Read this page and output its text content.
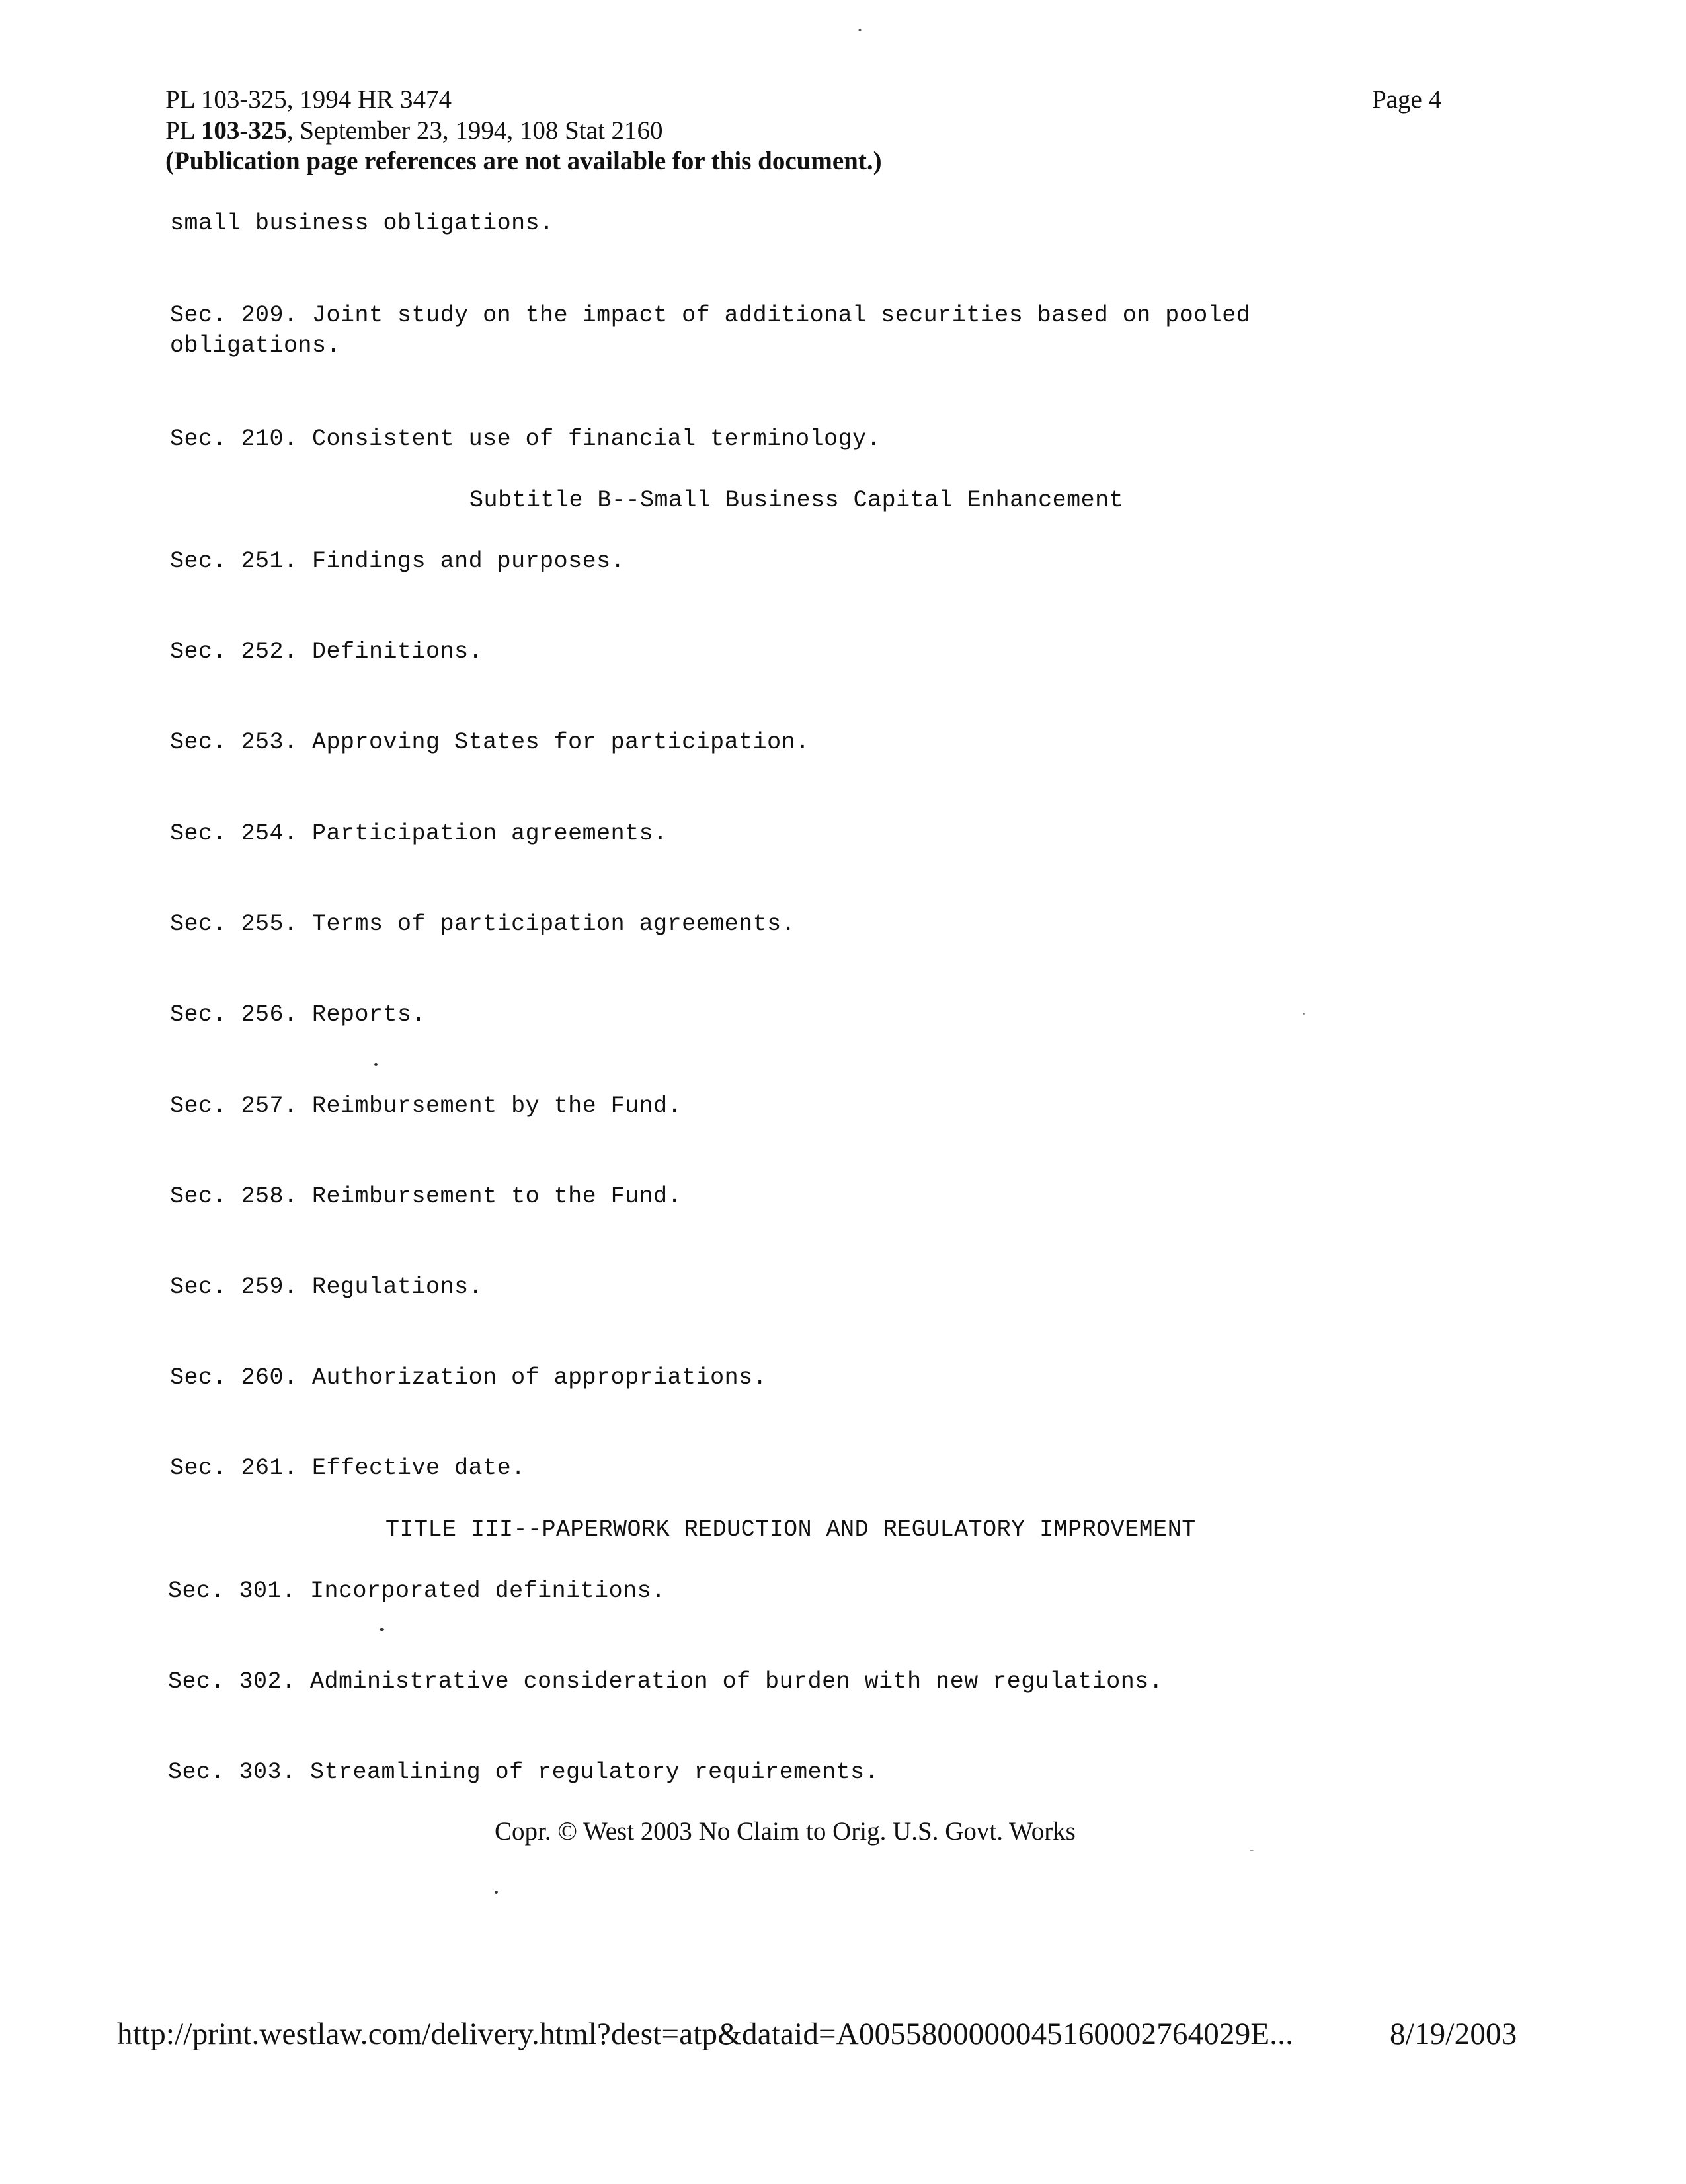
PL 103-325, 1994 HR 3474
PL 103-325, September 23, 1994, 108 Stat 2160
(Publication page references are not available for this document.)
Page 4
small business obligations.
Sec. 209. Joint study on the impact of additional securities based on pooled
obligations.
Sec. 210. Consistent use of financial terminology.
Subtitle B--Small Business Capital Enhancement
Sec. 251. Findings and purposes.
Sec. 252. Definitions.
Sec. 253. Approving States for participation.
Sec. 254. Participation agreements.
Sec. 255. Terms of participation agreements.
Sec. 256. Reports.
Sec. 257. Reimbursement by the Fund.
Sec. 258. Reimbursement to the Fund.
Sec. 259. Regulations.
Sec. 260. Authorization of appropriations.
Sec. 261. Effective date.
TITLE III--PAPERWORK REDUCTION AND REGULATORY IMPROVEMENT
Sec. 301. Incorporated definitions.
Sec. 302. Administrative consideration of burden with new regulations.
Sec. 303. Streamlining of regulatory requirements.
Copr. © West 2003 No Claim to Orig. U.S. Govt. Works
http://print.westlaw.com/delivery.html?dest=atp&dataid=A0055800000045160002764029E...	8/19/2003
